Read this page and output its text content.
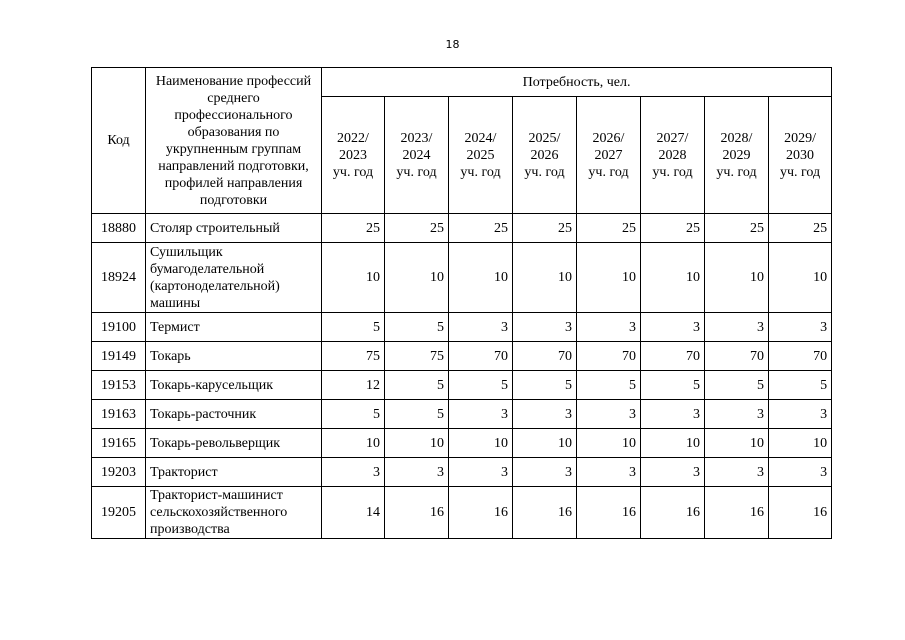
18
Код	Наименование профессий среднего профессионального образования по укрупненным группам направлений подготовки, профилей направления подготовки	Потребность, чел.							

		2022/
2023
уч. год	2023/
2024
уч. год	2024/
2025
уч. год	2025/
2026
уч. год	2026/
2027
уч. год	2027/
2028
уч. год	2028/
2029
уч. год	2029/
2030
уч. год

18880	Столяр строительный	25	25	25	25	25	25	25	25
18924	Сушильщик бумагоделательной (картоноделательной) машины	10	10	10	10	10	10	10	10
19100	Термист	5	5	3	3	3	3	3	3
19149	Токарь	75	75	70	70	70	70	70	70
19153	Токарь-карусельщик	12	5	5	5	5	5	5	5
19163	Токарь-расточник	5	5	3	3	3	3	3	3
19165	Токарь-револьверщик	10	10	10	10	10	10	10	10
19203	Тракторист	3	3	3	3	3	3	3	3
19205	Тракторист-машинист сельскохозяйственного производства	14	16	16	16	16	16	16	16
